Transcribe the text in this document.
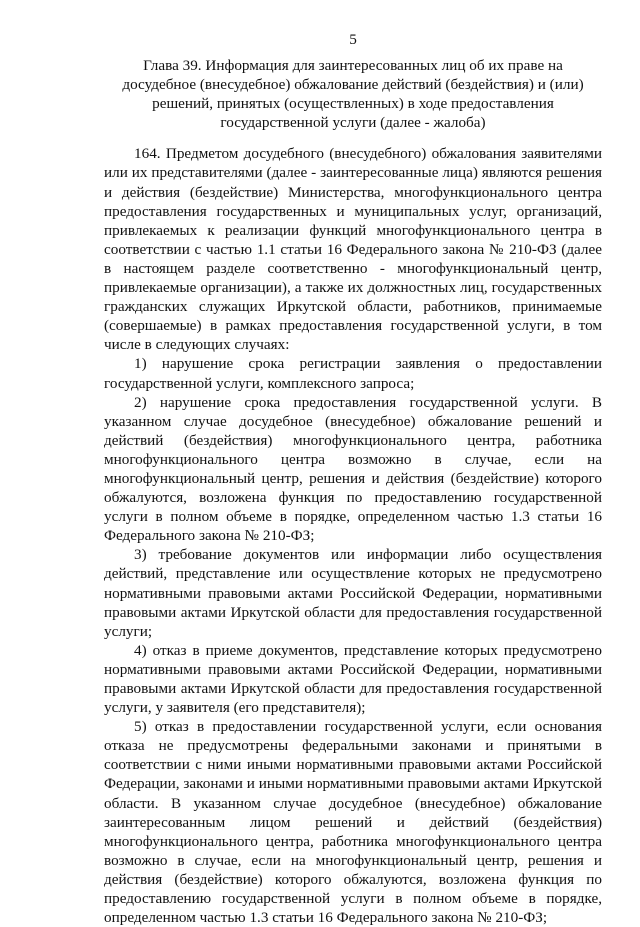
5
Глава 39. Информация для заинтересованных лиц об их праве на
досудебное (внесудебное) обжалование действий (бездействия) и (или)
решений, принятых (осуществленных) в ходе предоставления
государственной услуги (далее - жалоба)

164. Предметом досудебного (внесудебного) обжалования заявителями или их представителями (далее - заинтересованные лица) являются решения и действия (бездействие) Министерства, многофункционального центра предоставления государственных и муниципальных услуг, организаций, привлекаемых к реализации функций многофункционального центра в соответствии с частью 1.1 статьи 16 Федерального закона № 210-ФЗ (далее в настоящем разделе соответственно - многофункциональный центр, привлекаемые организации), а также их должностных лиц, государственных гражданских служащих Иркутской области, работников, принимаемые (совершаемые) в рамках предоставления государственной услуги, в том числе в следующих случаях:

1) нарушение срока регистрации заявления о предоставлении государственной услуги, комплексного запроса;

2) нарушение срока предоставления государственной услуги. В указанном случае досудебное (внесудебное) обжалование решений и действий (бездействия) многофункционального центра, работника многофункционального центра возможно в случае, если на многофункциональный центр, решения и действия (бездействие) которого обжалуются, возложена функция по предоставлению государственной услуги в полном объеме в порядке, определенном частью 1.3 статьи 16 Федерального закона № 210-ФЗ;

3) требование документов или информации либо осуществления действий, представление или осуществление которых не предусмотрено нормативными правовыми актами Российской Федерации, нормативными правовыми актами Иркутской области для предоставления государственной услуги;

4) отказ в приеме документов, представление которых предусмотрено нормативными правовыми актами Российской Федерации, нормативными правовыми актами Иркутской области для предоставления государственной услуги, у заявителя (его представителя);

5) отказ в предоставлении государственной услуги, если основания отказа не предусмотрены федеральными законами и принятыми в соответствии с ними иными нормативными правовыми актами Российской Федерации, законами и иными нормативными правовыми актами Иркутской области. В указанном случае досудебное (внесудебное) обжалование заинтересованным лицом решений и действий (бездействия) многофункционального центра, работника многофункционального центра возможно в случае, если на многофункциональный центр, решения и действия (бездействие) которого обжалуются, возложена функция по предоставлению государственной услуги в полном объеме в порядке, определенном частью 1.3 статьи 16 Федерального закона № 210-ФЗ;
